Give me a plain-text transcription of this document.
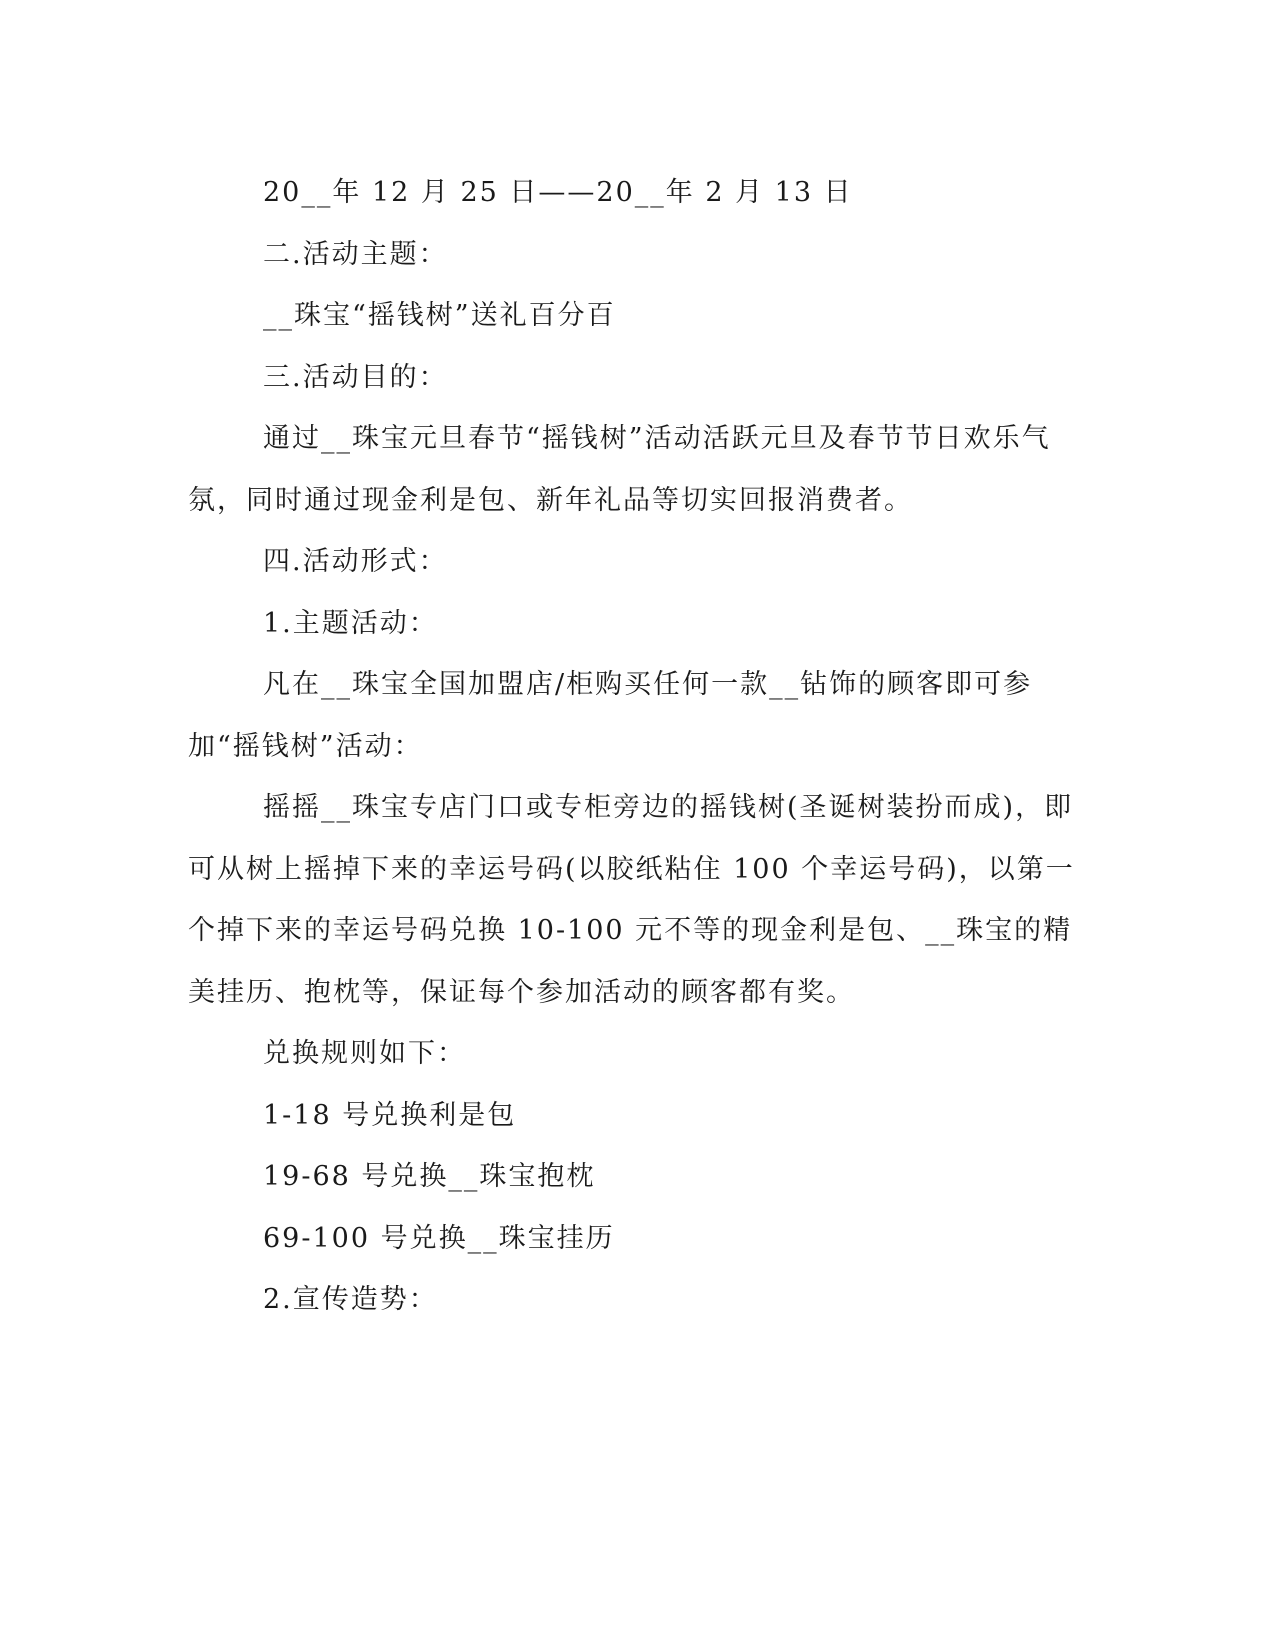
20__年 12 月 25 日——20__年 2 月 13 日

二.活动主题：

__珠宝“摇钱树”送礼百分百

三.活动目的：

通过__珠宝元旦春节“摇钱树”活动活跃元旦及春节节日欢乐气氛，同时通过现金利是包、新年礼品等切实回报消费者。

四.活动形式：

1.主题活动：

凡在__珠宝全国加盟店/柜购买任何一款__钻饰的顾客即可参加“摇钱树”活动：

摇摇__珠宝专店门口或专柜旁边的摇钱树(圣诞树装扮而成)，即可从树上摇掉下来的幸运号码(以胶纸粘住 100 个幸运号码)，以第一个掉下来的幸运号码兑换 10-100 元不等的现金利是包、__珠宝的精美挂历、抱枕等，保证每个参加活动的顾客都有奖。

兑换规则如下：

1-18 号兑换利是包

19-68 号兑换__珠宝抱枕

69-100 号兑换__珠宝挂历

2.宣传造势：
